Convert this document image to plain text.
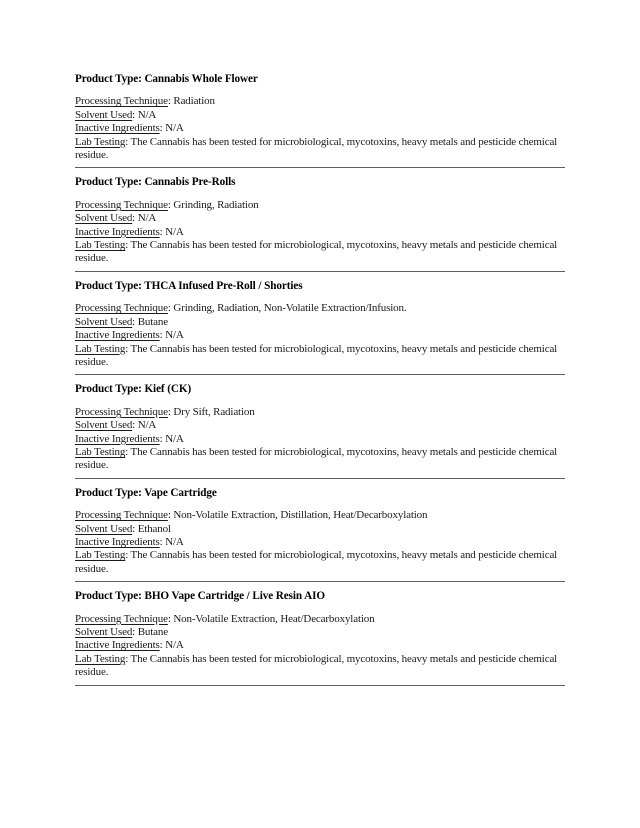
Product Type: Cannabis Whole Flower
Processing Technique: Radiation
Solvent Used: N/A
Inactive Ingredients: N/A
Lab Testing: The Cannabis has been tested for microbiological, mycotoxins, heavy metals and pesticide chemical residue.
Product Type: Cannabis Pre-Rolls
Processing Technique: Grinding, Radiation
Solvent Used: N/A
Inactive Ingredients: N/A
Lab Testing: The Cannabis has been tested for microbiological, mycotoxins, heavy metals and pesticide chemical residue.
Product Type: THCA Infused Pre-Roll / Shorties
Processing Technique: Grinding, Radiation, Non-Volatile Extraction/Infusion.
Solvent Used: Butane
Inactive Ingredients: N/A
Lab Testing: The Cannabis has been tested for microbiological, mycotoxins, heavy metals and pesticide chemical residue.
Product Type: Kief (CK)
Processing Technique: Dry Sift, Radiation
Solvent Used: N/A
Inactive Ingredients: N/A
Lab Testing: The Cannabis has been tested for microbiological, mycotoxins, heavy metals and pesticide chemical residue.
Product Type: Vape Cartridge
Processing Technique: Non-Volatile Extraction, Distillation, Heat/Decarboxylation
Solvent Used: Ethanol
Inactive Ingredients: N/A
Lab Testing: The Cannabis has been tested for microbiological, mycotoxins, heavy metals and pesticide chemical residue.
Product Type: BHO Vape Cartridge / Live Resin AIO
Processing Technique: Non-Volatile Extraction, Heat/Decarboxylation
Solvent Used: Butane
Inactive Ingredients: N/A
Lab Testing: The Cannabis has been tested for microbiological, mycotoxins, heavy metals and pesticide chemical residue.
